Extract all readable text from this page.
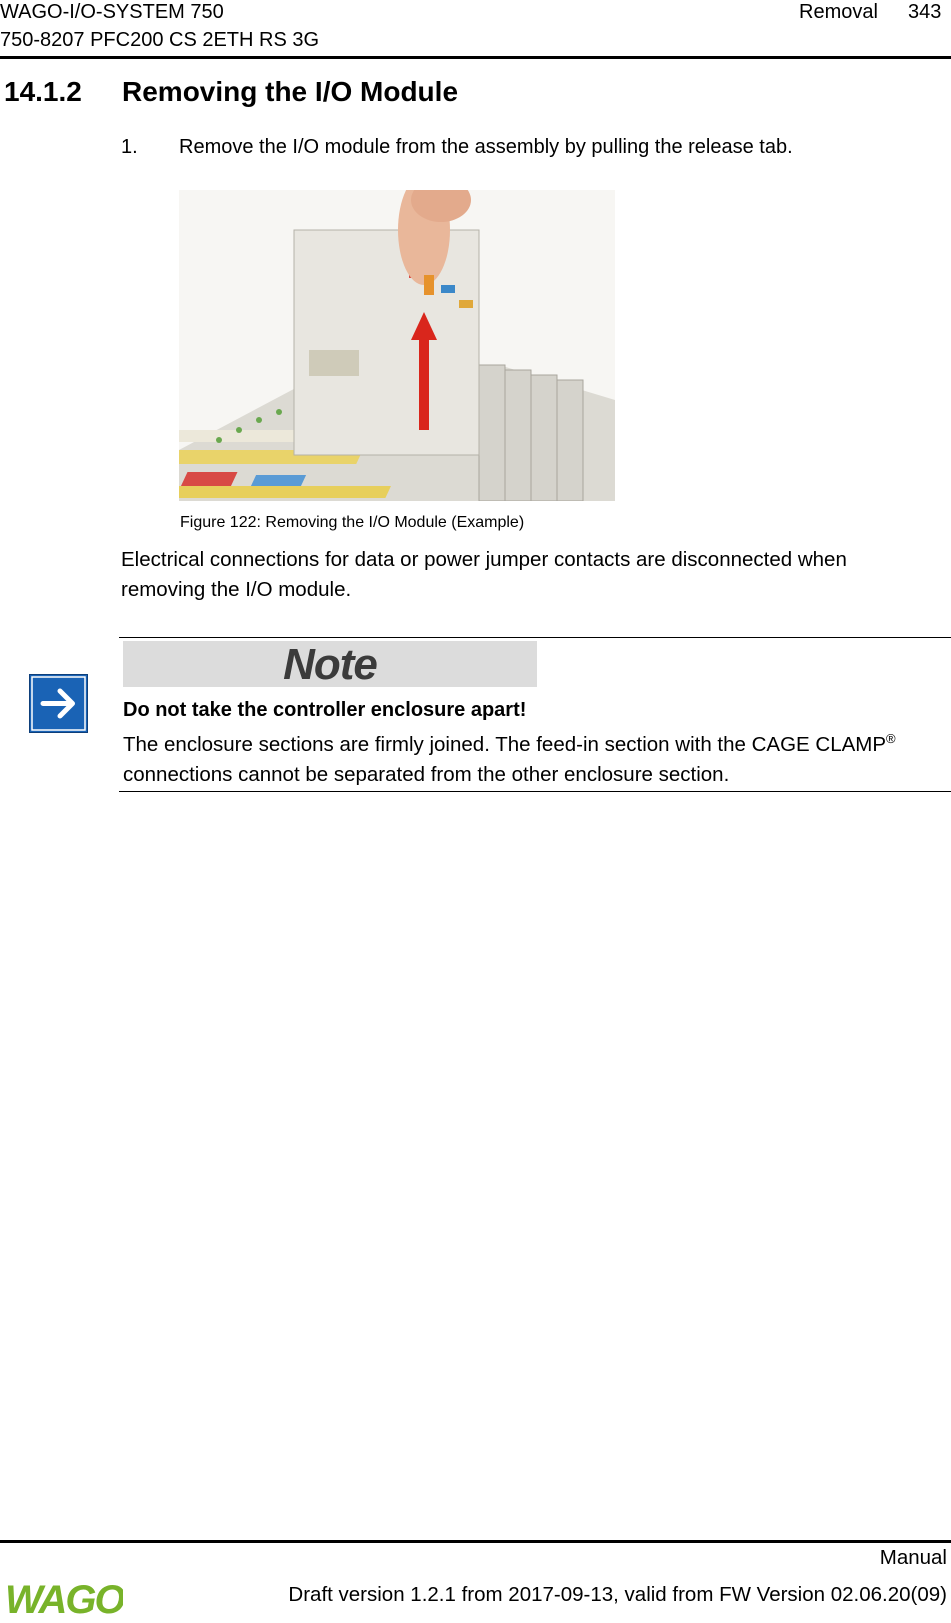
WAGO-I/O-SYSTEM 750
750-8207 PFC200 CS 2ETH RS 3G
Removal 343
14.1.2 Removing the I/O Module
1. Remove the I/O module from the assembly by pulling the release tab.
Figure 122: Removing the I/O Module (Example)
Electrical connections for data or power jumper contacts are disconnected when removing the I/O module.
Note
Do not take the controller enclosure apart!
The enclosure sections are firmly joined. The feed-in section with the CAGE CLAMP® connections cannot be separated from the other enclosure section.
Manual
Draft version 1.2.1 from 2017-09-13, valid from FW Version 02.06.20(09)
WAGO
